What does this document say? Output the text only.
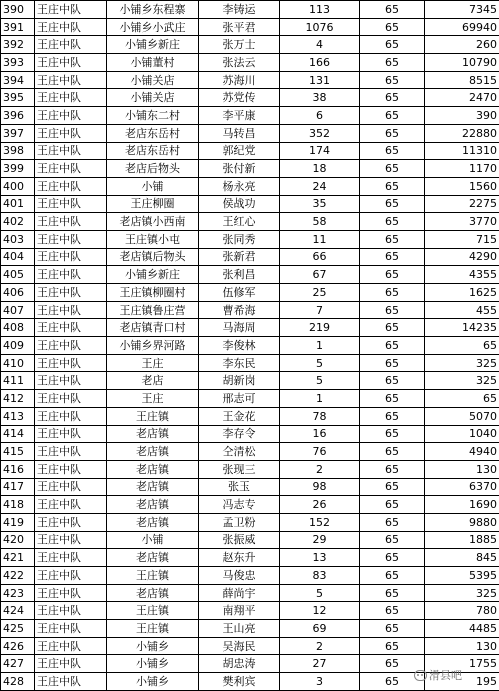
390	王庄中队	小铺乡东程寨	李铸运	113	65	7345
391	王庄中队	小铺乡小武庄	张平君	1076	65	69940
392	王庄中队	小铺乡新庄	张万士	4	65	260
393	王庄中队	小铺董村	张法云	166	65	10790
394	王庄中队	小铺关店	苏海川	131	65	8515
395	王庄中队	小铺关店	苏党传	38	65	2470
396	王庄中队	小铺东二村	李平康	6	65	390
397	王庄中队	老店东岳村	马转昌	352	65	22880
398	王庄中队	老店东岳村	郭纪党	174	65	11310
399	王庄中队	老店后物头	张付新	18	65	1170
400	王庄中队	小铺	杨永亮	24	65	1560
401	王庄中队	王庄柳圈	侯战功	35	65	2275
402	王庄中队	老店镇小西南	王红心	58	65	3770
403	王庄中队	王庄镇小屯	张同秀	11	65	715
404	王庄中队	老店镇后物头	张新君	66	65	4290
405	王庄中队	小铺乡新庄	张利昌	67	65	4355
406	王庄中队	王庄镇柳圈村	伍修军	25	65	1625
407	王庄中队	王庄镇鲁庄营	曹希海	7	65	455
408	王庄中队	老店镇青口村	马海周	219	65	14235
409	王庄中队	小铺乡界河路	李俊林	1	65	65
410	王庄中队	王庄	李东民	5	65	325
411	王庄中队	老店	胡新岗	5	65	325
412	王庄中队	王庄	邢志可	1	65	65
413	王庄中队	王庄镇	王金花	78	65	5070
414	王庄中队	老店镇	李存令	16	65	1040
415	王庄中队	老店镇	仝清松	76	65	4940
416	王庄中队	老店镇	张现三	2	65	130
417	王庄中队	老店镇	张玉	98	65	6370
418	王庄中队	老店镇	冯志专	26	65	1690
419	王庄中队	老店镇	孟卫粉	152	65	9880
420	王庄中队	小铺	张振威	29	65	1885
421	王庄中队	老店镇	赵东升	13	65	845
422	王庄中队	王庄镇	马俊忠	83	65	5395
423	王庄中队	老店镇	薛尚宇	5	65	325
424	王庄中队	王庄镇	南翔平	12	65	780
425	王庄中队	王庄镇	王山亮	69	65	4485
426	王庄中队	小铺乡	吴海民	2	65	130
427	王庄中队	小铺乡	胡忠涛	27	65	1755
428	王庄中队	小铺乡	樊利宾	3	65	195
滑县吧
